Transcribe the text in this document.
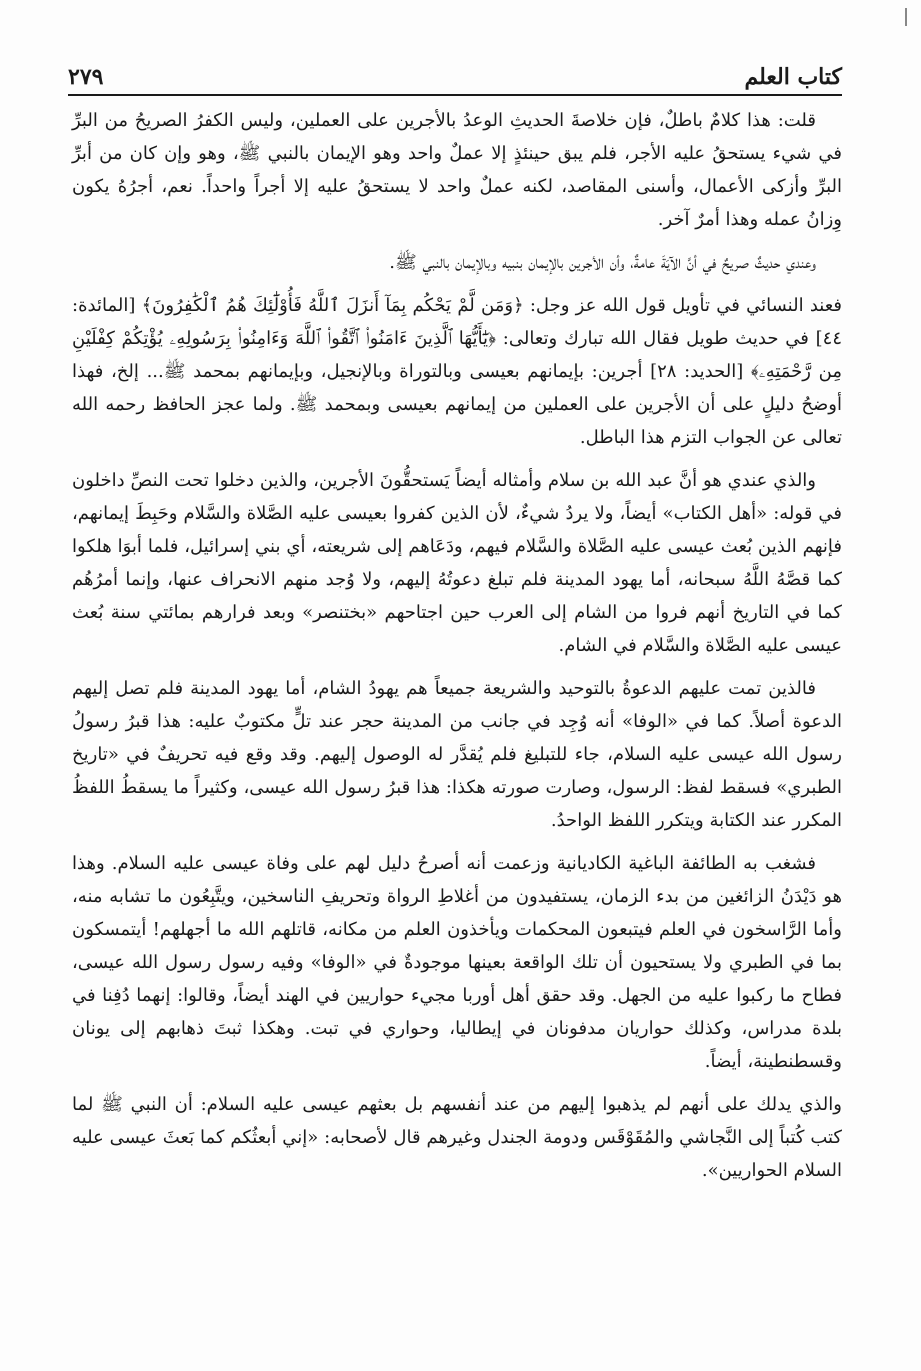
كتاب العلم
٢٧٩

قلت: هذا كلامٌ باطلٌ، فإن خلاصةَ الحديثِ الوعدُ بالأجرين على العملين، وليس الكفرُ الصريحُ من البرِّ في شيء يستحقُ عليه الأجر، فلم يبق حينئذٍ إلا عملٌ واحد وهو الإيمان بالنبي ﷺ، وهو وإن كان من أبرِّ البرِّ وأزكى الأعمال، وأسنى المقاصد، لكنه عملٌ واحد لا يستحقُ عليه إلا أجراً واحداً. نعم، أجرُهُ يكون وِزانُ عمله وهذا أمرٌ آخر.

وعندي حديثٌ صريحٌ في أنَّ الآيَةَ عامةٌ، وأن الأجرين بالإيمان بنبيه وبالإيمان بالنبي ﷺ.

فعند النسائي في تأويل قول الله عز وجل: ﴿وَمَن لَّمْ يَحْكُم بِمَآ أَنزَلَ ٱللَّهُ فَأُوْلَٰٓئِكَ هُمُ ٱلْكَٰفِرُونَ﴾ [المائدة: ٤٤] في حديث طويل فقال الله تبارك وتعالى: ﴿يَٰٓأَيُّهَا ٱلَّذِينَ ءَامَنُوا۟ ٱتَّقُوا۟ ٱللَّهَ وَءَامِنُوا۟ بِرَسُولِهِۦ يُؤْتِكُمْ كِفْلَيْنِ مِن رَّحْمَتِهِۦ﴾ [الحديد: ٢٨] أجرين: بإيمانهم بعيسى وبالتوراة وبالإنجيل، وبإيمانهم بمحمد ﷺ... إلخ، فهذا أوضحُ دليلٍ على أن الأجرين على العملين من إيمانهم بعيسى وبمحمد ﷺ. ولما عجز الحافظ رحمه الله تعالى عن الجواب التزم هذا الباطل.

والذي عندي هو أنَّ عبد الله بن سلام وأمثاله أيضاً يَستحقُّونَ الأجرين، والذين دخلوا تحت النصِّ داخلون في قوله: «أهل الكتاب» أيضاً، ولا يردُ شيءٌ، لأن الذين كفروا بعيسى عليه الصَّلاة والسَّلام وحَبِطَ إيمانهم، فإنهم الذين بُعث عيسى عليه الصَّلاة والسَّلام فيهم، ودَعَاهم إلى شريعته، أي بني إسرائيل، فلما أبوَا هلكوا كما قصَّهُ اللَّهُ سبحانه، أما يهود المدينة فلم تبلغ دعوتُهُ إليهم، ولا وُجد منهم الانحراف عنها، وإنما أمرُهُم كما في التاريخ أنهم فروا من الشام إلى العرب حين اجتاحهم «بختنصر» وبعد فرارهم بمائتي سنة بُعث عيسى عليه الصَّلاة والسَّلام في الشام.

فالذين تمت عليهم الدعوةُ بالتوحيد والشريعة جميعاً هم يهودُ الشام، أما يهود المدينة فلم تصل إليهم الدعوة أصلاً. كما في «الوفا» أنه وُجِد في جانب من المدينة حجر عند تلٍّ مكتوبٌ عليه: هذا قبرُ رسولُ رسول الله عيسى عليه السلام، جاء للتبليغ فلم يُقدَّر له الوصول إليهم. وقد وقع فيه تحريفٌ في «تاريخ الطبري» فسقط لفظ: الرسول، وصارت صورته هكذا: هذا قبرُ رسول الله عيسى، وكثيراً ما يسقطُ اللفظُ المكرر عند الكتابة ويتكرر اللفظ الواحدُ.

فشغب به الطائفة الباغية الكاديانية وزعمت أنه أصرحُ دليل لهم على وفاة عيسى عليه السلام. وهذا هو دَيْدَنُ الزائغين من بدء الزمان، يستفيدون من أغلاطِ الرواة وتحريفِ الناسخين، ويتَّبِعُون ما تشابه منه، وأما الرَّاسخون في العلم فيتبعون المحكمات ويأخذون العلم من مكانه، قاتلهم الله ما أجهلهم! أيتمسكون بما في الطبري ولا يستحيون أن تلك الواقعة بعينها موجودةٌ في «الوفا» وفيه رسول رسول الله عيسى، فطاح ما ركبوا عليه من الجهل. وقد حقق أهل أوربا مجيء حواريين في الهند أيضاً، وقالوا: إنهما دُفِنا في بلدة مدراس، وكذلك حواريان مدفونان في إيطاليا، وحواري في تبت. وهكذا ثبتَ ذهابهم إلى يونان وقسطنطينة، أيضاً.

والذي يدلك على أنهم لم يذهبوا إليهم من عند أنفسهم بل بعثهم عيسى عليه السلام: أن النبي ﷺ لما كتب كُتباً إلى النَّجاشي والمُقَوْقَس ودومة الجندل وغيرهم قال لأصحابه: «إني أبعثُكم كما بَعثَ عيسى عليه السلام الحواريين».
